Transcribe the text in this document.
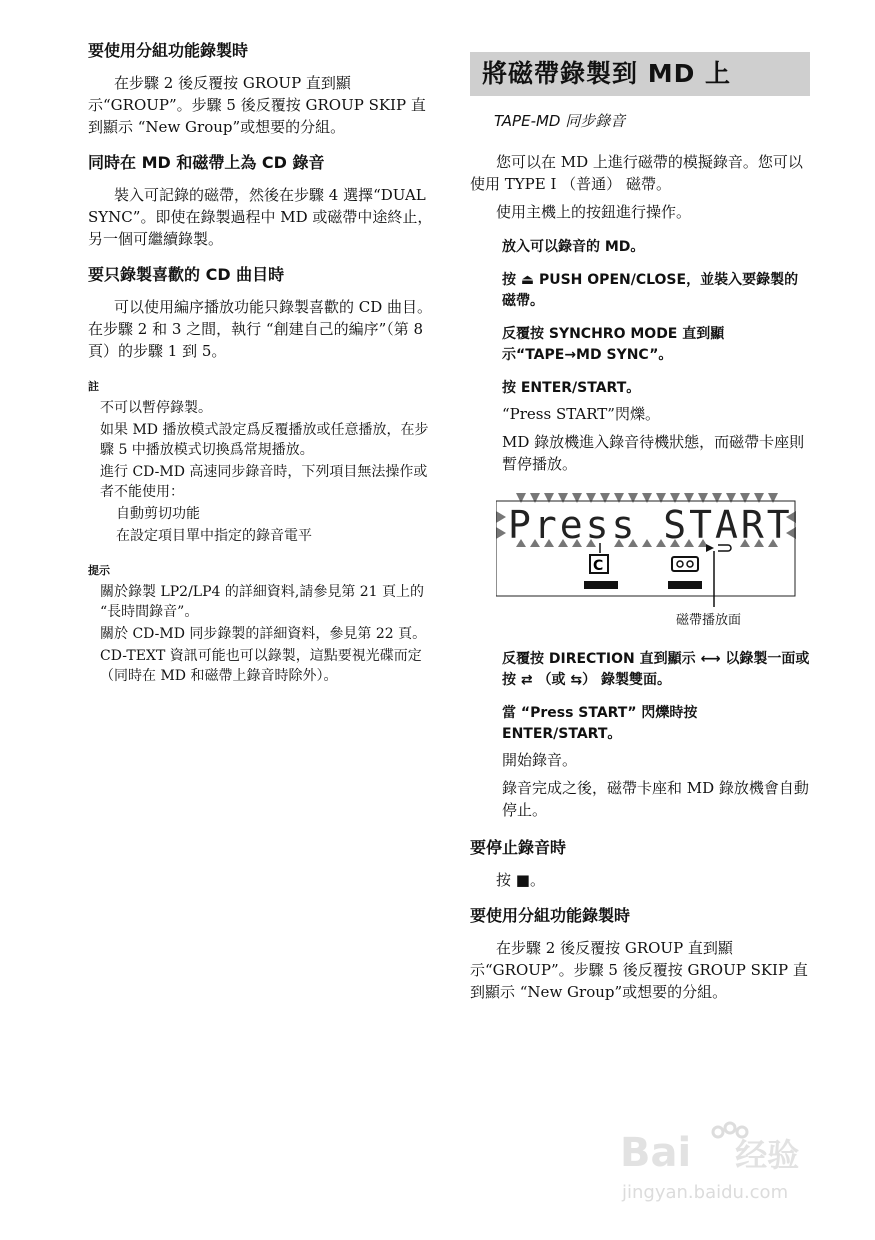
要使用分組功能錄製時
在步驟 2 後反覆按 GROUP 直到顯示“GROUP”。步驟 5 後反覆按 GROUP SKIP 直到顯示 “New Group”或想要的分組。
同時在 MD 和磁帶上為 CD 錄音
裝入可記錄的磁帶，然後在步驟 4 選擇“DUAL SYNC”。即使在錄製過程中 MD 或磁帶中途終止，另一個可繼續錄製。
要只錄製喜歡的 CD 曲目時
可以使用編序播放功能只錄製喜歡的 CD 曲目。在步驟 2 和 3 之間，執行 “創建自己的編序”（第 8 頁）的步驟 1 到 5。
註
不可以暫停錄製。
如果 MD 播放模式設定爲反覆播放或任意播放，在步驟 5 中播放模式切換爲常規播放。
進行 CD-MD 高速同步錄音時，下列項目無法操作或者不能使用：
自動剪切功能
在設定項目單中指定的錄音電平
提示
關於錄製 LP2/LP4 的詳細資料,請參見第 21 頁上的 “長時間錄音”。
關於 CD-MD 同步錄製的詳細資料，參見第 22 頁。
CD-TEXT 資訊可能也可以錄製，這點要視光碟而定 （同時在 MD 和磁帶上錄音時除外）。
將磁帶錄製到 MD 上
TAPE-MD 同步錄音
您可以在 MD 上進行磁帶的模擬錄音。您可以使用 TYPE I （普通） 磁帶。
使用主機上的按鈕進行操作。
放入可以錄音的 MD。
按 ⏏ PUSH OPEN/CLOSE，並裝入要錄製的磁帶。
反覆按 SYNCHRO MODE 直到顯示“TAPE→MD SYNC”。
按 ENTER/START。
“Press START”閃爍。
MD 錄放機進入錄音待機狀態，而磁帶卡座則暫停播放。
C
Press START
磁帶播放面
反覆按 DIRECTION 直到顯示 ⟷ 以錄製一面或按 ⇄ （或 ⇆） 錄製雙面。
當 “Press START” 閃爍時按 ENTER/START。
開始錄音。
錄音完成之後，磁帶卡座和 MD 錄放機會自動停止。
要停止錄音時
按 ■。
要使用分組功能錄製時
在步驟 2 後反覆按 GROUP 直到顯示“GROUP”。步驟 5 後反覆按 GROUP SKIP 直到顯示 “New Group”或想要的分組。
Bai 经验
jingyan.baidu.com
